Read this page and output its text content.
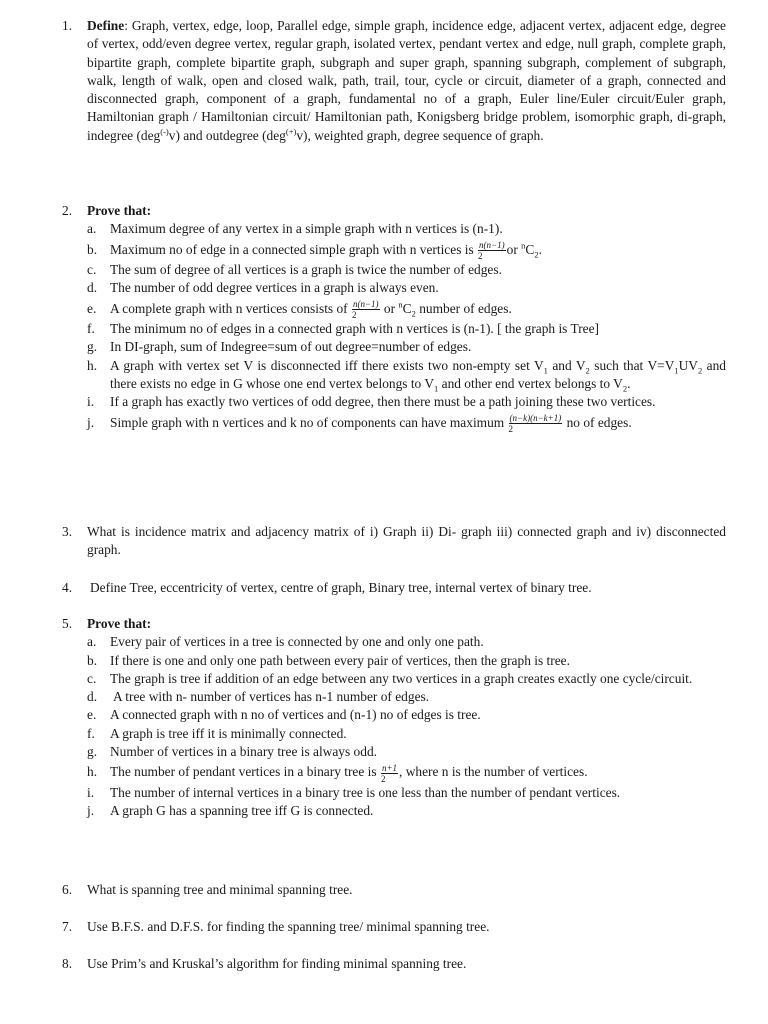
1.	Define: Graph, vertex, edge, loop, Parallel edge, simple graph, incidence edge, adjacent vertex, adjacent edge, degree of vertex, odd/even degree vertex, regular graph, isolated vertex, pendant vertex and edge, null graph, complete graph, bipartite graph, complete bipartite graph, subgraph and super graph, spanning subgraph, complement of subgraph, walk, length of walk, open and closed walk, path, trail, tour, cycle or circuit, diameter of a graph, connected and disconnected graph, component of a graph, fundamental no of a graph, Euler line/Euler circuit/Euler graph, Hamiltonian graph / Hamiltonian circuit/ Hamiltonian path, Konigsberg bridge problem, isomorphic graph, di-graph, indegree (deg(-)v) and outdegree (deg(+)v), weighted graph, degree sequence of graph.
2.	Prove that:
a. Maximum degree of any vertex in a simple graph with n vertices is (n-1).
b. Maximum no of edge in a connected simple graph with n vertices is $\frac{n(n-1)}{2}$ or $^nC_2$.
c. The sum of degree of all vertices is a graph is twice the number of edges.
d. The number of odd degree vertices in a graph is always even.
e. A complete graph with n vertices consists of $\frac{n(n-1)}{2}$ or $^nC_2$ number of edges.
f. The minimum no of edges in a connected graph with n vertices is (n-1). [ the graph is Tree]
g. In DI-graph, sum of Indegree=sum of out degree=number of edges.
h. A graph with vertex set V is disconnected iff there exists two non-empty set $V_1$ and $V_2$ such that $V=V_1UV_2$ and there exists no edge in G whose one end vertex belongs to $V_1$ and other end vertex belongs to $V_2$.
i. If a graph has exactly two vertices of odd degree, then there must be a path joining these two vertices.
j. Simple graph with n vertices and k no of components can have maximum $\frac{(n-k)(n-k+1)}{2}$ no of edges.
3.	What is incidence matrix and adjacency matrix of i) Graph ii) Di- graph iii) connected graph and iv) disconnected graph.
4.	Define Tree, eccentricity of vertex, centre of graph, Binary tree, internal vertex of binary tree.
5.	Prove that:
a. Every pair of vertices in a tree is connected by one and only one path.
b. If there is one and only one path between every pair of vertices, then the graph is tree.
c. The graph is tree if addition of an edge between any two vertices in a graph creates exactly one cycle/circuit.
d. A tree with n- number of vertices has n-1 number of edges.
e. A connected graph with n no of vertices and (n-1) no of edges is tree.
f. A graph is tree iff it is minimally connected.
g. Number of vertices in a binary tree is always odd.
h. The number of pendant vertices in a binary tree is $\frac{n+1}{2}$ , where n is the number of vertices.
i. The number of internal vertices in a binary tree is one less than the number of pendant vertices.
j. A graph G has a spanning tree iff G is connected.
6.	What is spanning tree and minimal spanning tree.
7.	Use B.F.S. and D.F.S. for finding the spanning tree/ minimal spanning tree.
8.	Use Prim’s and Kruskal’s algorithm for finding minimal spanning tree.
